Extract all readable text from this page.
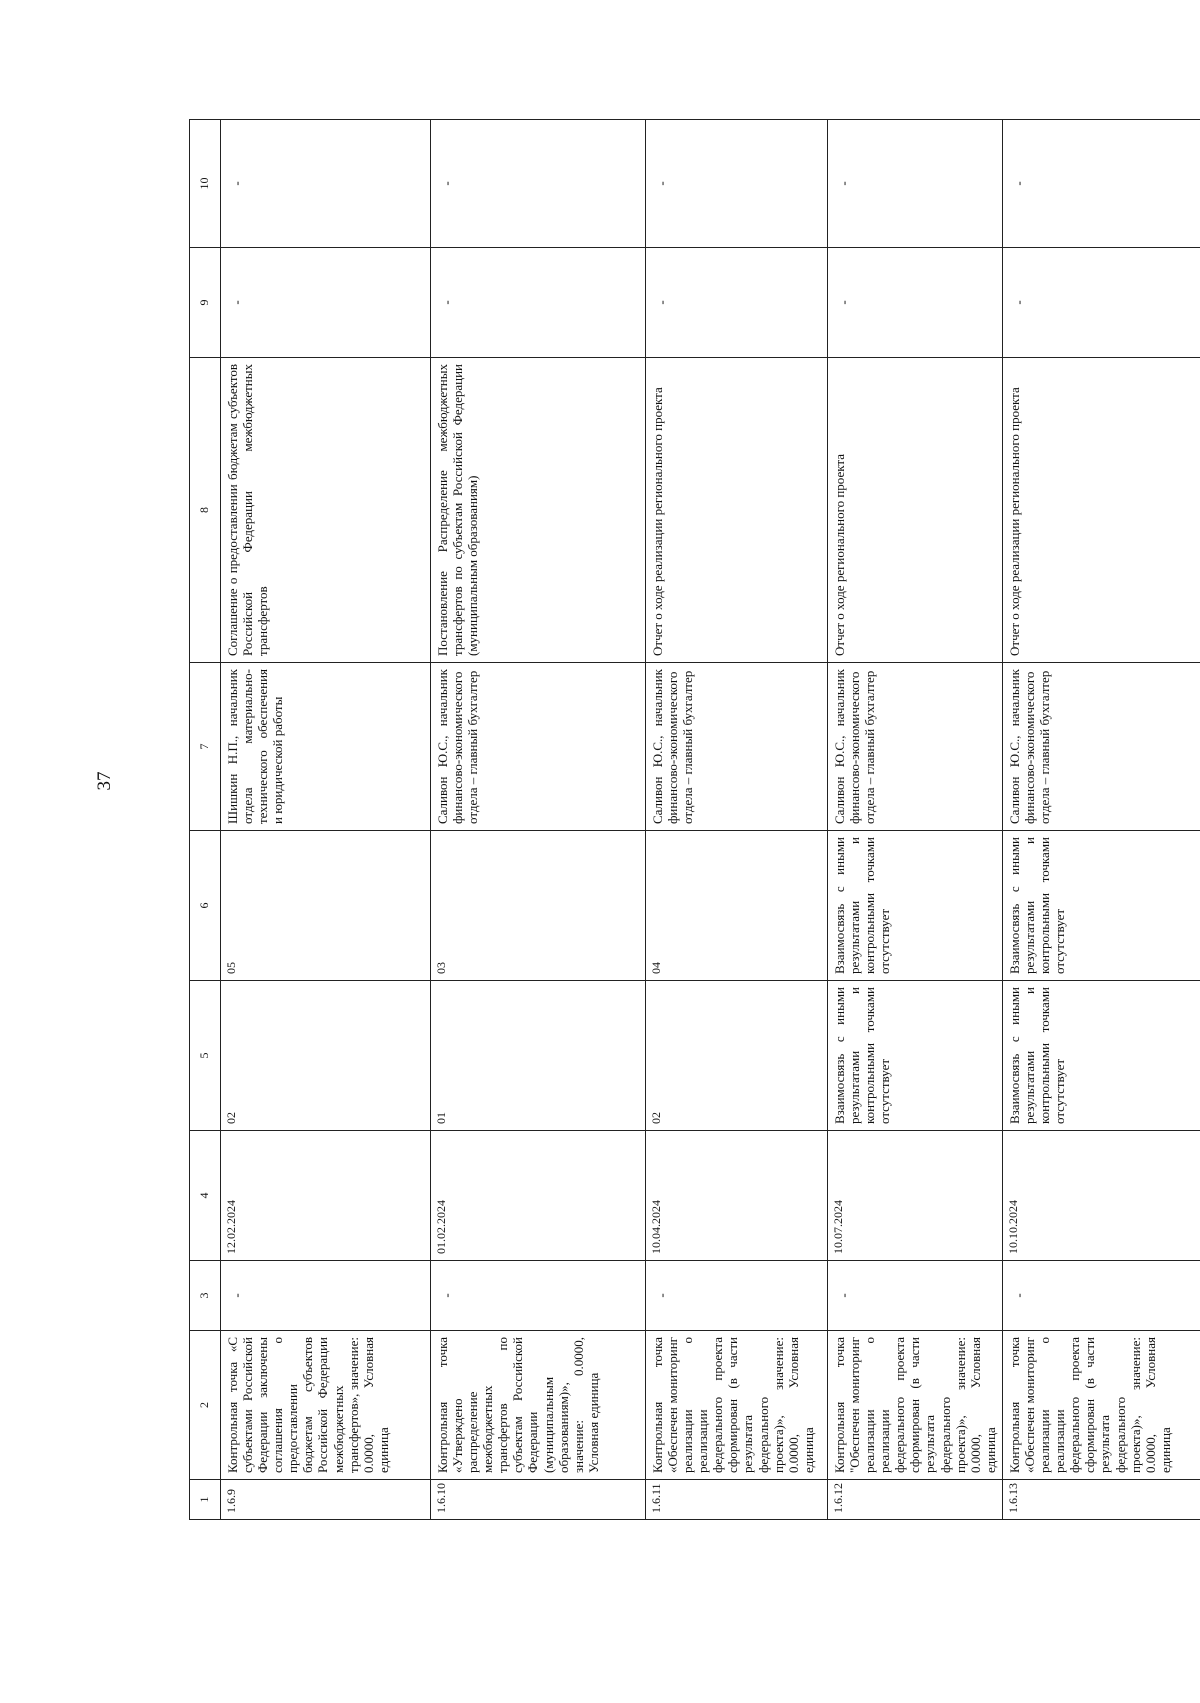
37
1	2	3	4	5	6	7	8	9	10
1.6.9	Контрольная точка «С субъектами Российской Федерации заключены соглашения о предоставлении бюджетам субъектов Российской Федерации межбюджетных трансфертов», значение: 0.0000, Условная единица	-	12.02.2024	02	05	Шишкин Н.П., начальник отдела материально-технического обеспечения и юридической работы	Соглашение о предоставлении бюджетам субъектов Российской Федерации межбюджетных трансфертов	-	-
1.6.10	Контрольная точка «Утверждено распределение межбюджетных трансфертов по субъектам Российской Федерации (муниципальным образованиям)», значение: 0.0000, Условная единица	-	01.02.2024	01	03	Саливон Ю.С., начальник финансово-экономического отдела – главный бухгалтер	Постановление Распределение межбюджетных трансфертов по субъектам Российской Федерации (муниципальным образованиям)	-	-
1.6.11	Контрольная точка «Обеспечен мониторинг реализации о реализации федерального проекта сформирован (в части результата федерального проекта)», значение: 0.0000, Условная единица	-	10.04.2024	02	04	Саливон Ю.С., начальник финансово-экономического отдела – главный бухгалтер	Отчет о ходе реализации регионального проекта	-	-
1.6.12	Контрольная точка "Обеспечен мониторинг реализации о реализации федерального проекта сформирован (в части результата федерального проекта)», значение: 0.0000, Условная единица	-	10.07.2024	Взаимосвязь с иными результатами и контрольными точками отсутствует	Взаимосвязь с иными результатами и контрольными точками отсутствует	Саливон Ю.С., начальник финансово-экономического отдела – главный бухгалтер	Отчет о ходе регионального проекта	-	-
1.6.13	Контрольная точка «Обеспечен мониторинг реализации о реализации федерального проекта сформирован (в части результата федерального проекта)», значение: 0.0000, Условная единица	-	10.10.2024	Взаимосвязь с иными результатами и контрольными точками отсутствует	Взаимосвязь с иными результатами и контрольными точками отсутствует	Саливон Ю.С., начальник финансово-экономического отдела – главный бухгалтер	Отчет о ходе реализации регионального проекта	-	-
